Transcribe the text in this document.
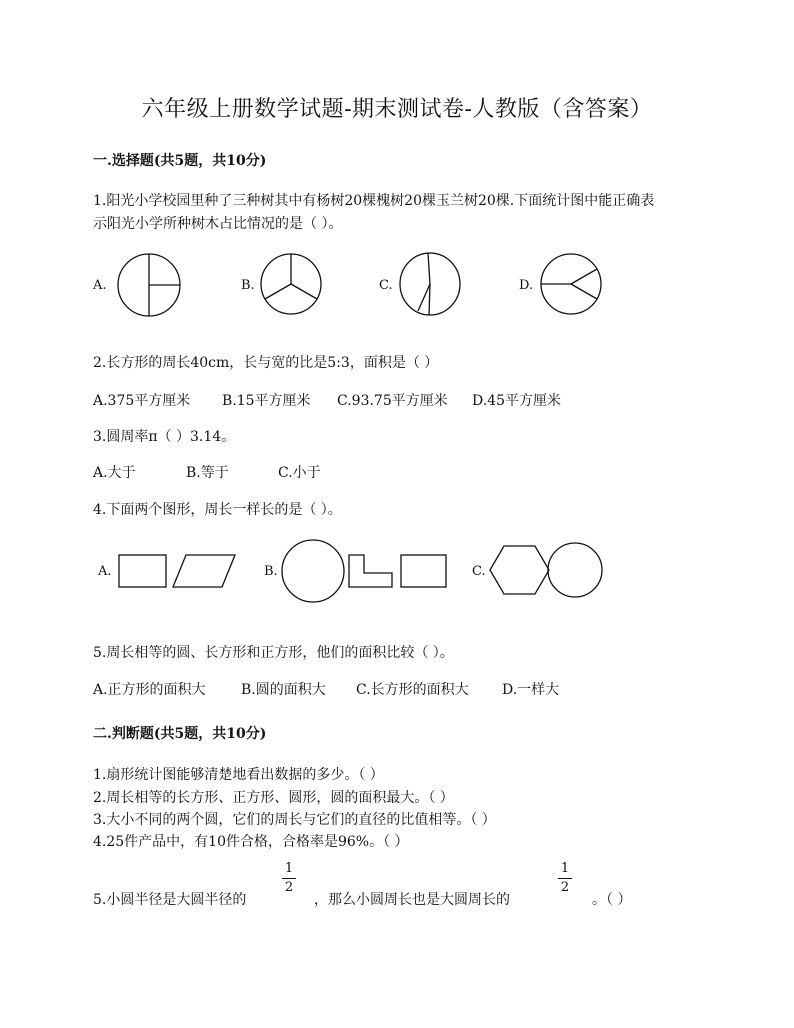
六年级上册数学试题-期末测试卷-人教版（含答案）
一.选择题(共5题，共10分)
1.阳光小学校园里种了三种树其中有杨树20棵槐树20棵玉兰树20棵.下面统计图中能正确表
示阳光小学所种树木占比情况的是（ ）。
A.	B.	C.	D.
2.长方形的周长40cm，长与宽的比是5:3，面积是（ ）
A.375平方厘米 B.15平方厘米 C.93.75平方厘米 D.45平方厘米
3.圆周率π（ ）3.14。
A.大于	B.等于	C.小于
4.下面两个图形，周长一样长的是（ ）。
A.	B.	C.
5.周长相等的圆、长方形和正方形，他们的面积比较（ ）。
A.正方形的面积大	B.圆的面积大 C.长方形的面积大 D.一样大
二.判断题(共5题，共10分)
1.扇形统计图能够清楚地看出数据的多少。（ ）
2.周长相等的长方形、正方形、圆形，圆的面积最大。（ ）
3.大小不同的两个圆，它们的周长与它们的直径的比值相等。（ ）
4.25件产品中，有10件合格，合格率是96%。（ ）
5.小圆半径是大圆半径的
1
2
，那么小圆周长也是大圆周长的
1
2
。（ ）
